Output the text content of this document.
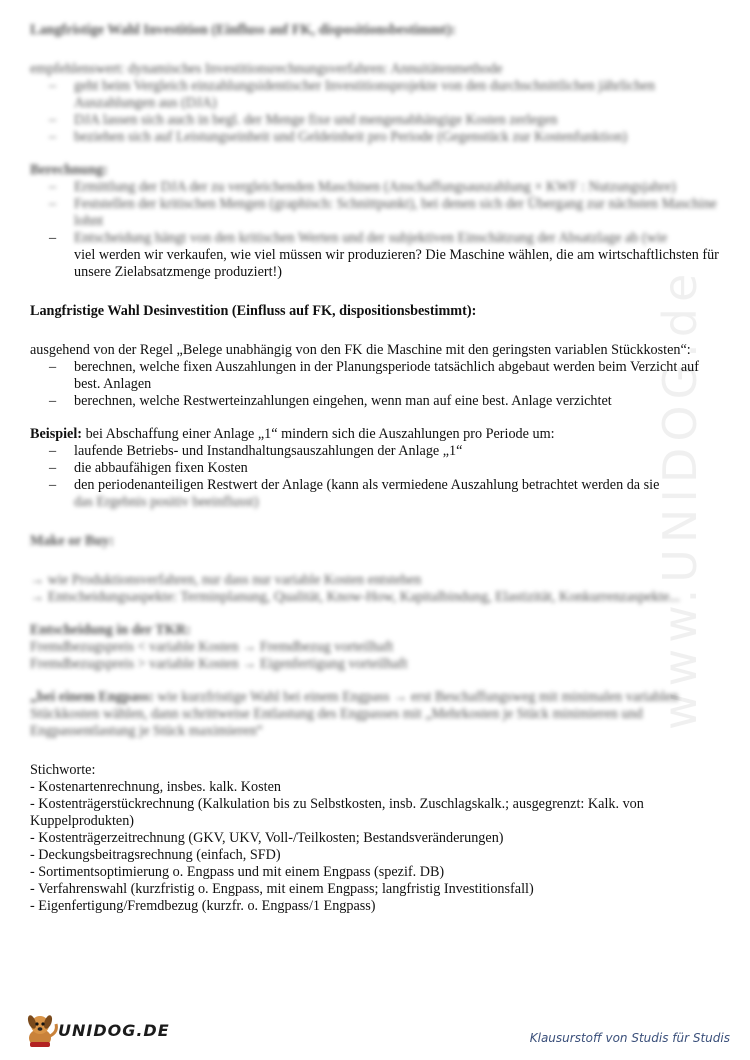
Langfristige Wahl Investition (Einfluss auf FK, dispositionsbestimmt):

empfehlenswert: dynamisches Investitionsrechnungsverfahren: Annuitätenmethode

– geht beim Vergleich einzahlungsidentischer Investitionsprojekte von den durchschnittlichen jährlichen Auszahlungen aus (DJA)
– DJA lassen sich auch in begl. der Menge fixe und mengenabhängige Kosten zerlegen
– beziehen sich auf Leistungseinheit und Geldeinheit pro Periode (Gegenstück zur Kostenfunktion)

Berechnung:

– Ermittlung der DJA der zu vergleichenden Maschinen (Anschaffungsauszahlung × KWF : Nutzungsjahre)
– Feststellen der kritischen Mengen (graphisch: Schnittpunkt), bei denen sich der Übergang zur nächsten Maschine lohnt
– Entscheidung hängt von den kritischen Werten und der subjektiven Einschätzung der Absatzlage ab (wie
viel werden wir verkaufen, wie viel müssen wir produzieren? Die Maschine wählen, die am wirtschaftlichsten für unsere Zielabsatzmenge produziert!)

Langfristige Wahl Desinvestition (Einfluss auf FK, dispositionsbestimmt):

ausgehend von der Regel „Belege unabhängig von den FK die Maschine mit den geringsten variablen Stückkosten“:

– berechnen, welche fixen Auszahlungen in der Planungsperiode tatsächlich abgebaut werden beim Verzicht auf best. Anlagen
– berechnen, welche Restwerteinzahlungen eingehen, wenn man auf eine best. Anlage verzichtet

Beispiel: bei Abschaffung einer Anlage „1“ mindern sich die Auszahlungen pro Periode um:

– laufende Betriebs- und Instandhaltungsauszahlungen der Anlage „1“
– die abbaufähigen fixen Kosten
– den periodenanteiligen Restwert der Anlage (kann als vermiedene Auszahlung betrachtet werden da sie
das Ergebnis positiv beeinflusst)

Make or Buy:

→ wie Produktionsverfahren, nur dass nur variable Kosten entstehen

→ Entscheidungsaspekte: Terminplanung, Qualität, Know-How, Kapitalbindung, Elastizität, Konkurrenzaspekte...

Entscheidung in der TKR:

Fremdbezugspreis < variable Kosten → Fremdbezug vorteilhaft

Fremdbezugspreis > variable Kosten → Eigenfertigung vorteilhaft

„bei einem Engpass: wie kurzfristige Wahl bei einem Engpass → erst Beschaffungsweg mit minimalen variablen Stückkosten wählen, dann schrittweise Entlastung des Engpasses mit „Mehrkosten je Stück minimieren und Engpassentlastung je Stück maximieren“

Stichworte:

- Kostenartenrechnung, insbes. kalk. Kosten

- Kostenträgerstückrechnung (Kalkulation bis zu Selbstkosten, insb. Zuschlagskalk.; ausgegrenzt: Kalk. von Kuppelprodukten)

- Kostenträgerzeitrechnung (GKV, UKV, Voll-/Teilkosten; Bestandsveränderungen)

- Deckungsbeitragsrechnung (einfach, SFD)

- Sortimentsoptimierung o. Engpass und mit einem Engpass (spezif. DB)

- Verfahrenswahl (kurzfristig o. Engpass, mit einem Engpass; langfristig Investitionsfall)

- Eigenfertigung/Fremdbezug (kurzfr. o. Engpass/1 Engpass)

www.UNIDOG.de
UNIDOG.DE	Klausurstoff von Studis für Studis
